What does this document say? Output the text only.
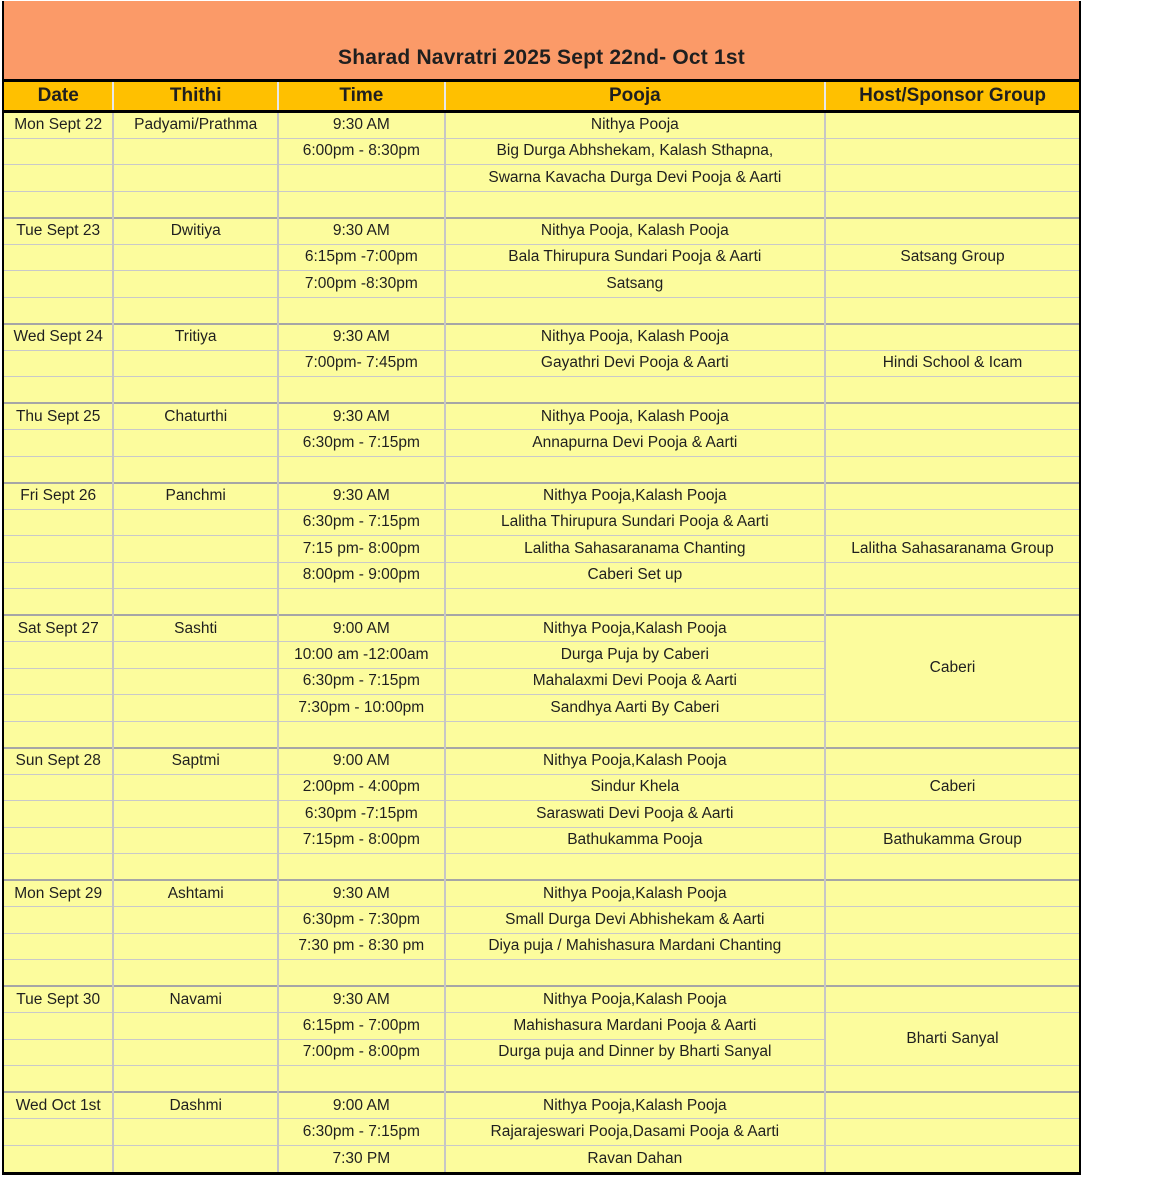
Sharad Navratri 2025 Sept 22nd- Oct 1st
Date	Thithi	Time	Pooja	Host/Sponsor Group
Mon Sept 22	Padyami/Prathma	9:30 AM	Nithya Pooja	
		6:00pm - 8:30pm	Big Durga Abhshekam, Kalash Sthapna,	
			Swarna Kavacha Durga Devi Pooja & Aarti	

Tue Sept 23	Dwitiya	9:30 AM	Nithya Pooja, Kalash Pooja	
		6:15pm -7:00pm	Bala Thirupura Sundari Pooja & Aarti	Satsang Group
		7:00pm -8:30pm	Satsang	

Wed Sept 24	Tritiya	9:30 AM	Nithya Pooja, Kalash Pooja	
		7:00pm- 7:45pm	Gayathri Devi Pooja & Aarti	Hindi School & Icam

Thu Sept 25	Chaturthi	9:30 AM	Nithya Pooja, Kalash Pooja	
		6:30pm - 7:15pm	Annapurna Devi Pooja & Aarti	

Fri Sept 26	Panchmi	9:30 AM	Nithya Pooja,Kalash Pooja	
		6:30pm - 7:15pm	Lalitha Thirupura Sundari Pooja & Aarti	
		7:15 pm- 8:00pm	Lalitha Sahasaranama Chanting	Lalitha Sahasaranama Group
		8:00pm - 9:00pm	Caberi Set up	

Sat Sept 27	Sashti	9:00 AM	Nithya Pooja,Kalash Pooja	Caberi
		10:00 am -12:00am	Durga Puja by Caberi	
		6:30pm - 7:15pm	Mahalaxmi Devi Pooja & Aarti	
		7:30pm - 10:00pm	Sandhya Aarti By Caberi	

Sun Sept 28	Saptmi	9:00 AM	Nithya Pooja,Kalash Pooja	
		2:00pm - 4:00pm	Sindur Khela	Caberi
		6:30pm -7:15pm	Saraswati Devi Pooja & Aarti	
		7:15pm - 8:00pm	Bathukamma Pooja	Bathukamma Group

Mon Sept 29	Ashtami	9:30 AM	Nithya Pooja,Kalash Pooja	
		6:30pm - 7:30pm	Small Durga Devi Abhishekam & Aarti	
		7:30 pm - 8:30 pm	Diya puja / Mahishasura Mardani Chanting	

Tue Sept 30	Navami	9:30 AM	Nithya Pooja,Kalash Pooja	
		6:15pm - 7:00pm	Mahishasura Mardani Pooja & Aarti	Bharti Sanyal
		7:00pm - 8:00pm	Durga puja and Dinner by Bharti Sanyal	

Wed Oct 1st	Dashmi	9:00 AM	Nithya Pooja,Kalash Pooja	
		6:30pm - 7:15pm	Rajarajeswari Pooja,Dasami Pooja & Aarti	
		7:30 PM	Ravan Dahan	
